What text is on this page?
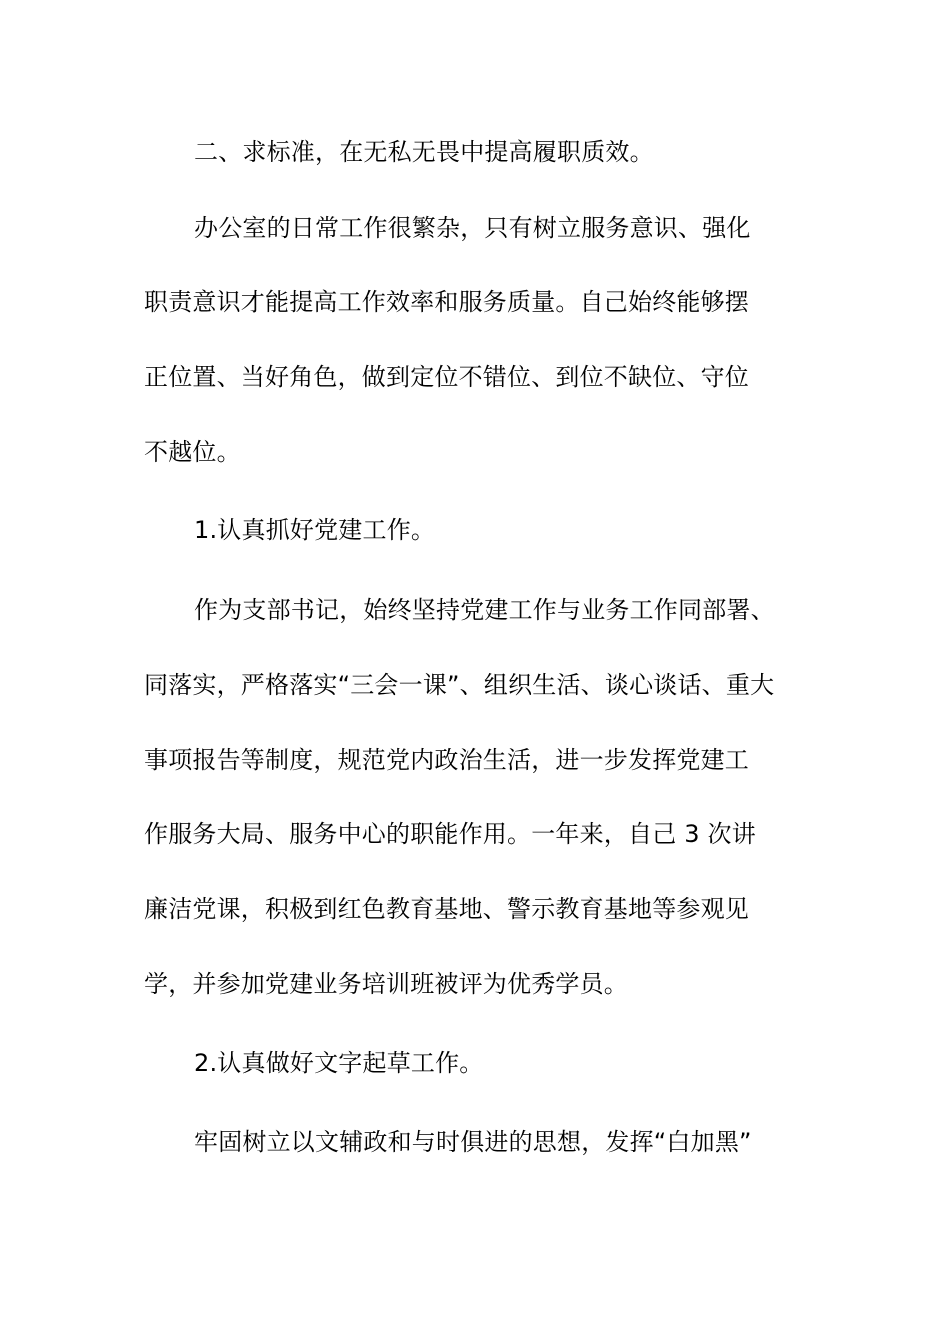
二、求标准，在无私无畏中提高履职质效。
办公室的日常工作很繁杂，只有树立服务意识、强化
职责意识才能提高工作效率和服务质量。自己始终能够摆
正位置、当好角色，做到定位不错位、到位不缺位、守位
不越位。
1.认真抓好党建工作。
作为支部书记，始终坚持党建工作与业务工作同部署、
同落实，严格落实“三会一课”、组织生活、谈心谈话、重大
事项报告等制度，规范党内政治生活，进一步发挥党建工
作服务大局、服务中心的职能作用。一年来，自己 3 次讲
廉洁党课，积极到红色教育基地、警示教育基地等参观见
学，并参加党建业务培训班被评为优秀学员。
2.认真做好文字起草工作。
牢固树立以文辅政和与时俱进的思想，发挥“白加黑”
